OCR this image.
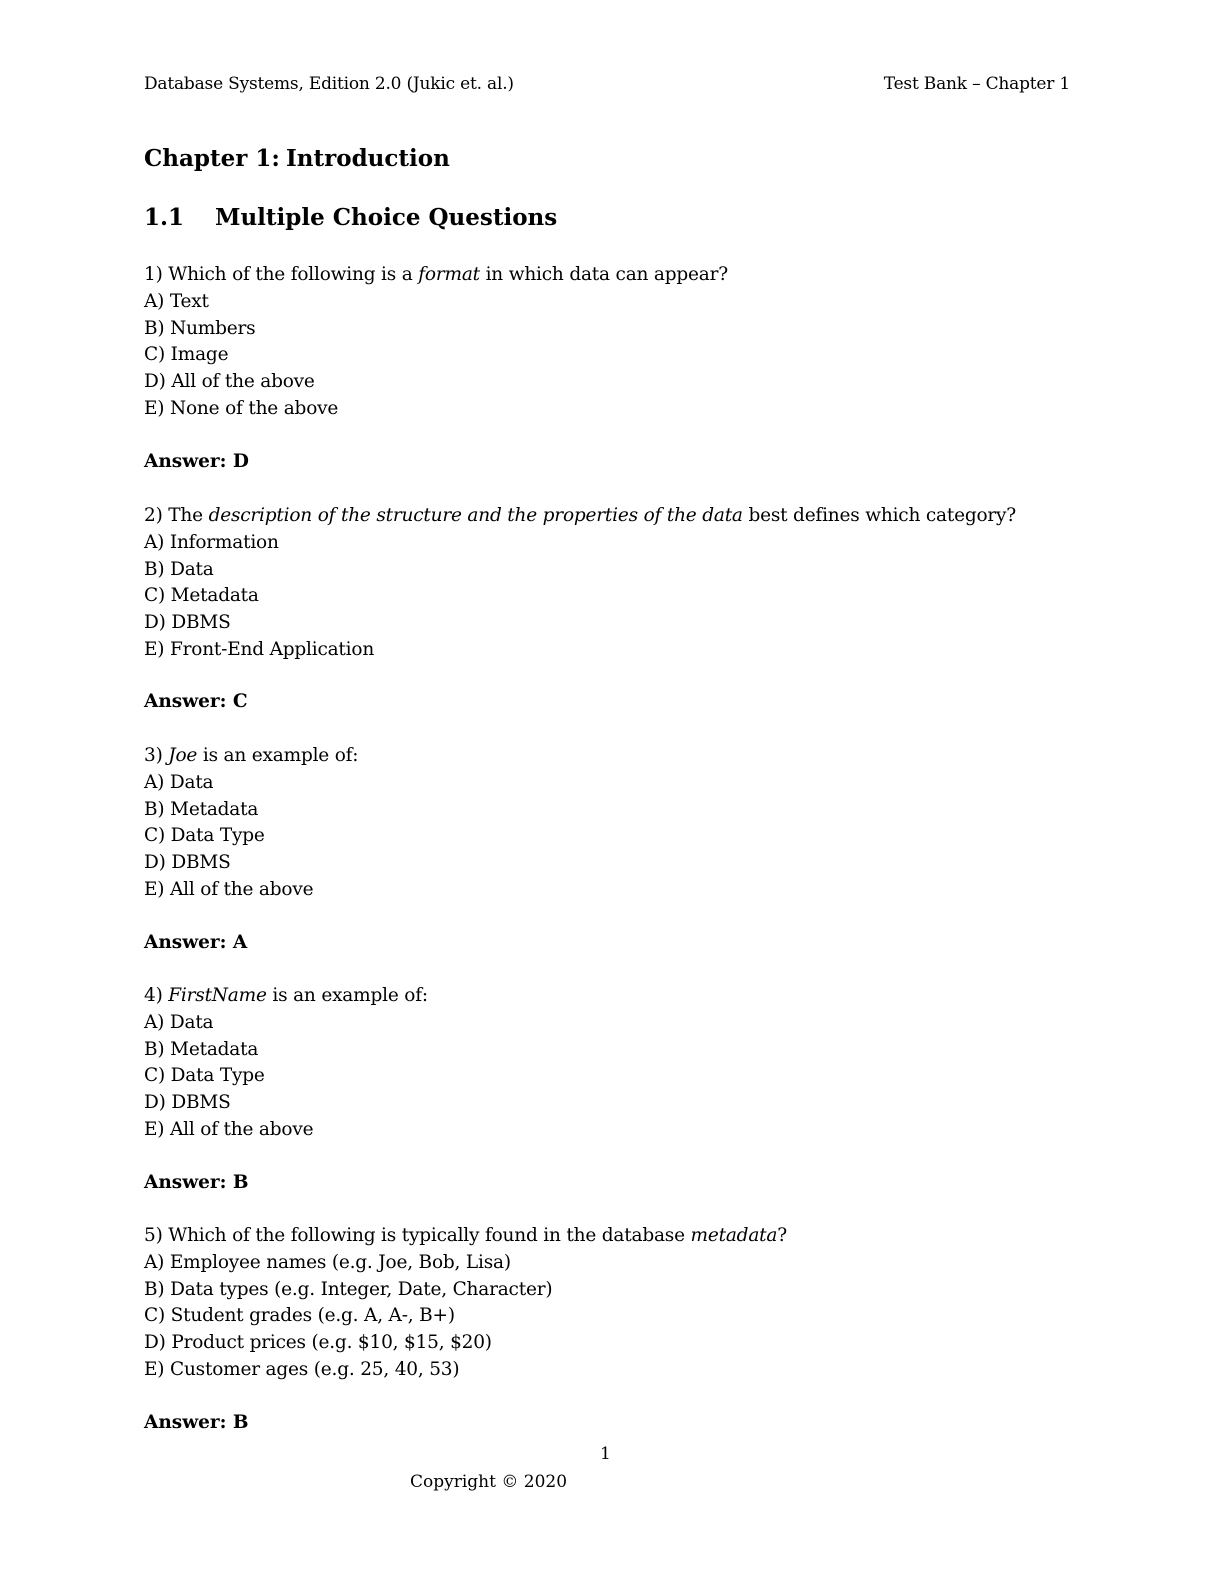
Database Systems, Edition 2.0 (Jukic et. al.)	Test Bank – Chapter 1
Chapter 1: Introduction
1.1 Multiple Choice Questions
1) Which of the following is a format in which data can appear?
A) Text
B) Numbers
C) Image
D) All of the above
E) None of the above
Answer: D
2) The description of the structure and the properties of the data best defines which category?
A) Information
B) Data
C) Metadata
D) DBMS
E) Front-End Application
Answer: C
3) Joe is an example of:
A) Data
B) Metadata
C) Data Type
D) DBMS
E) All of the above
Answer: A
4) FirstName is an example of:
A) Data
B) Metadata
C) Data Type
D) DBMS
E) All of the above
Answer: B
5) Which of the following is typically found in the database metadata?
A) Employee names (e.g. Joe, Bob, Lisa)
B) Data types (e.g. Integer, Date, Character)
C) Student grades (e.g. A, A-, B+)
D) Product prices (e.g. $10, $15, $20)
E) Customer ages (e.g. 25, 40, 53)
Answer: B
1
Copyright © 2020
